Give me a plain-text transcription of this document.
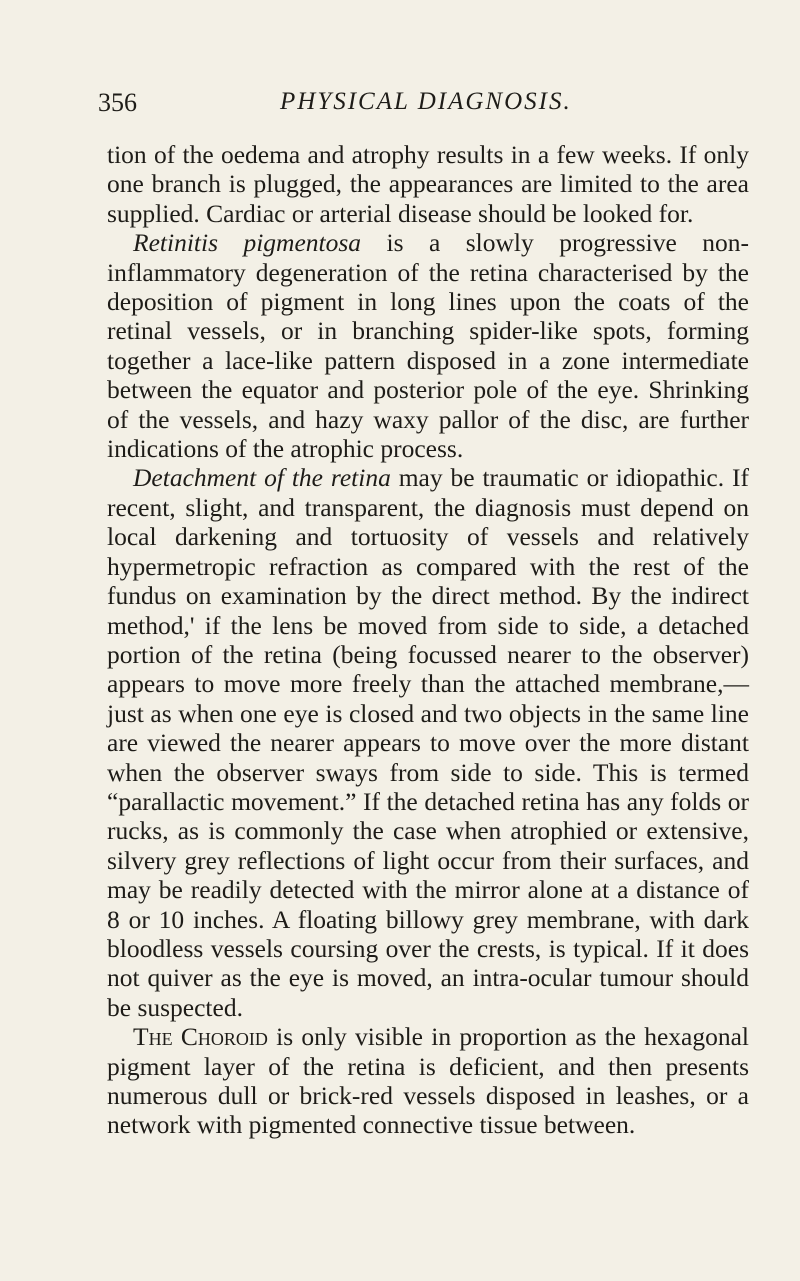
356	PHYSICAL DIAGNOSIS.

tion of the oedema and atrophy results in a few weeks. If only one branch is plugged, the appearances are limited to the area supplied. Cardiac or arterial disease should be looked for.

Retinitis pigmentosa is a slowly progressive non-inflammatory degeneration of the retina characterised by the deposition of pigment in long lines upon the coats of the retinal vessels, or in branching spider-like spots, forming together a lace-like pattern disposed in a zone intermediate between the equator and posterior pole of the eye. Shrinking of the vessels, and hazy waxy pallor of the disc, are further indications of the atrophic process.

Detachment of the retina may be traumatic or idiopathic. If recent, slight, and transparent, the diagnosis must depend on local darkening and tortuosity of vessels and relatively hypermetropic refraction as compared with the rest of the fundus on examination by the direct method. By the indirect method,' if the lens be moved from side to side, a detached portion of the retina (being focussed nearer to the observer) appears to move more freely than the attached membrane,—just as when one eye is closed and two objects in the same line are viewed the nearer appears to move over the more distant when the observer sways from side to side. This is termed “parallactic movement.” If the detached retina has any folds or rucks, as is commonly the case when atrophied or extensive, silvery grey reflections of light occur from their surfaces, and may be readily detected with the mirror alone at a distance of 8 or 10 inches. A floating billowy grey membrane, with dark bloodless vessels coursing over the crests, is typical. If it does not quiver as the eye is moved, an intra-ocular tumour should be suspected.

The Choroid is only visible in proportion as the hexagonal pigment layer of the retina is deficient, and then presents numerous dull or brick-red vessels disposed in leashes, or a network with pigmented connective tissue between.
